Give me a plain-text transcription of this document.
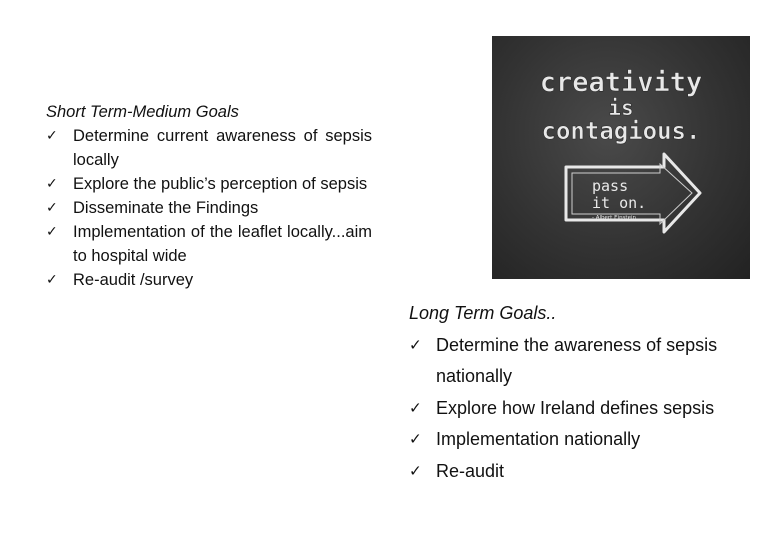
Short Term-Medium Goals
✓ Determine current awareness of sepsis locally
✓ Explore the public’s perception of sepsis
✓ Disseminate the Findings
✓ Implementation of the leaflet locally...aim to hospital wide
✓ Re-audit /survey
creativity
is
contagious.
pass
it on.
- Albert Einstein
Long Term Goals..
✓ Determine the awareness of sepsis nationally
✓ Explore how Ireland defines sepsis
✓ Implementation nationally
✓ Re-audit
